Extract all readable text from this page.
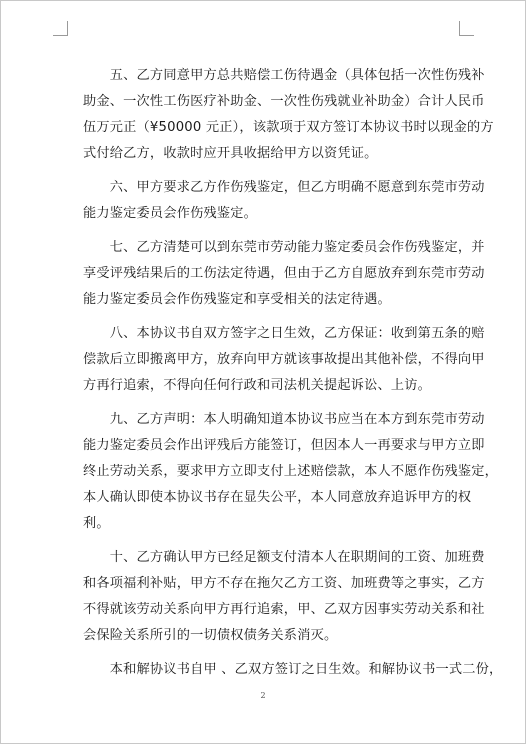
　　五、乙方同意甲方总共赔偿工伤待遇金（具体包括一次性伤残补
助金、一次性工伤医疗补助金、一次性伤残就业补助金）合计人民币
伍万元正（¥50000 元正），该款项于双方签订本协议书时以现金的方
式付给乙方，收款时应开具收据给甲方以资凭证。

　　六、甲方要求乙方作伤残鉴定，但乙方明确不愿意到东莞市劳动
能力鉴定委员会作伤残鉴定。

　　七、乙方清楚可以到东莞市劳动能力鉴定委员会作伤残鉴定，并
享受评残结果后的工伤法定待遇，但由于乙方自愿放弃到东莞市劳动
能力鉴定委员会作伤残鉴定和享受相关的法定待遇。

　　八、本协议书自双方签字之日生效，乙方保证：收到第五条的赔
偿款后立即搬离甲方，放弃向甲方就该事故提出其他补偿，不得向甲
方再行追索，不得向任何行政和司法机关提起诉讼、上访。

　　九、乙方声明：本人明确知道本协议书应当在本方到东莞市劳动
能力鉴定委员会作出评残后方能签订，但因本人一再要求与甲方立即
终止劳动关系，要求甲方立即支付上述赔偿款，本人不愿作伤残鉴定，
本人确认即使本协议书存在显失公平，本人同意放弃追诉甲方的权
利。

　　十、乙方确认甲方已经足额支付清本人在职期间的工资、加班费
和各项福利补贴，甲方不存在拖欠乙方工资、加班费等之事实，乙方
不得就该劳动关系向甲方再行追索，甲、乙双方因事实劳动关系和社
会保险关系所引的一切债权债务关系消灭。

　　本和解协议书自甲 、乙双方签订之日生效。和解协议书一式二份，

2
